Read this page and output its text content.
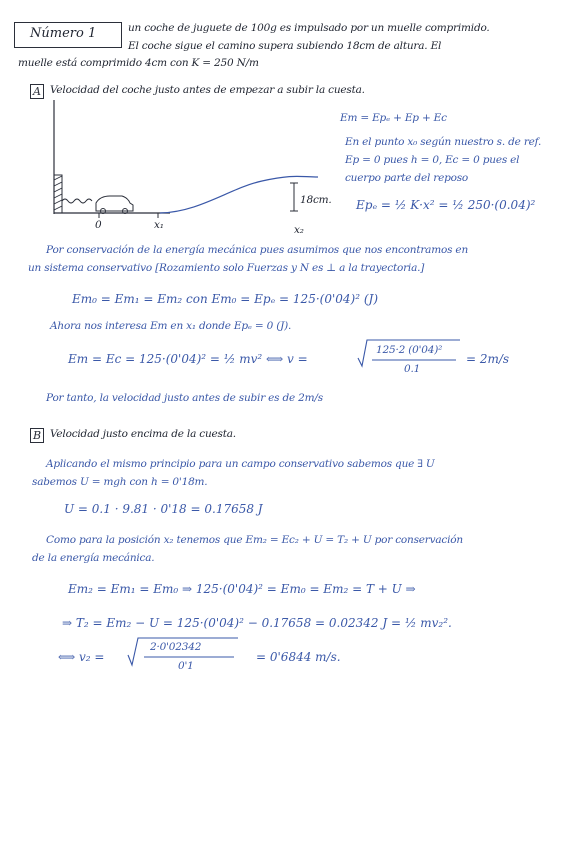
Número 1	un coche de juguete de 100g es impulsado por un muelle comprimido.
El coche sigue el camino supera subiendo 18cm de altura. El
muelle está comprimido 4cm con K = 250 N/m
A Velocidad del coche justo antes de empezar a subir la cuesta.
18cm.
0	x₁	x₂
Em = Epₑ + Ep + Ec
En el punto x₀ según nuestro s. de ref.
Ep = 0 pues h = 0, Ec = 0 pues el
cuerpo parte del reposo
Epₑ = ½ K·x² = ½ 250·(0.04)²
Por conservación de la energía mecánica pues asumimos que nos encontramos en
un sistema conservativo [Rozamiento solo Fuerzas y N es ⊥ a la trayectoria.]
Em₀ = Em₁ = Em₂ con Em₀ = Epₑ = 125·(0'04)² (J)
Ahora nos interesa Em en x₁ donde Epₑ = 0 (J).
Em = Ec = 125·(0'04)² = ½ mv² ⟺ v =
125·2 (0'04)²
0.1
= 2m/s
Por tanto, la velocidad justo antes de subir es de 2m/s
B Velocidad justo encima de la cuesta.
Aplicando el mismo principio para un campo conservativo sabemos que ∃ U
sabemos U = mgh con h = 0'18m.
U = 0.1 · 9.81 · 0'18 = 0.17658 J
Como para la posición x₂ tenemos que Em₂ = Ec₂ + U = T₂ + U por conservación
de la energía mecánica.
Em₂ = Em₁ = Em₀ ⇒ 125·(0'04)² = Em₀ = Em₂ = T + U ⇒
⇒ T₂ = Em₂ − U = 125·(0'04)² − 0.17658 = 0.02342 J = ½ mv₂².
⟺ v₂ =
2·0'02342
0'1
= 0'6844 m/s.
